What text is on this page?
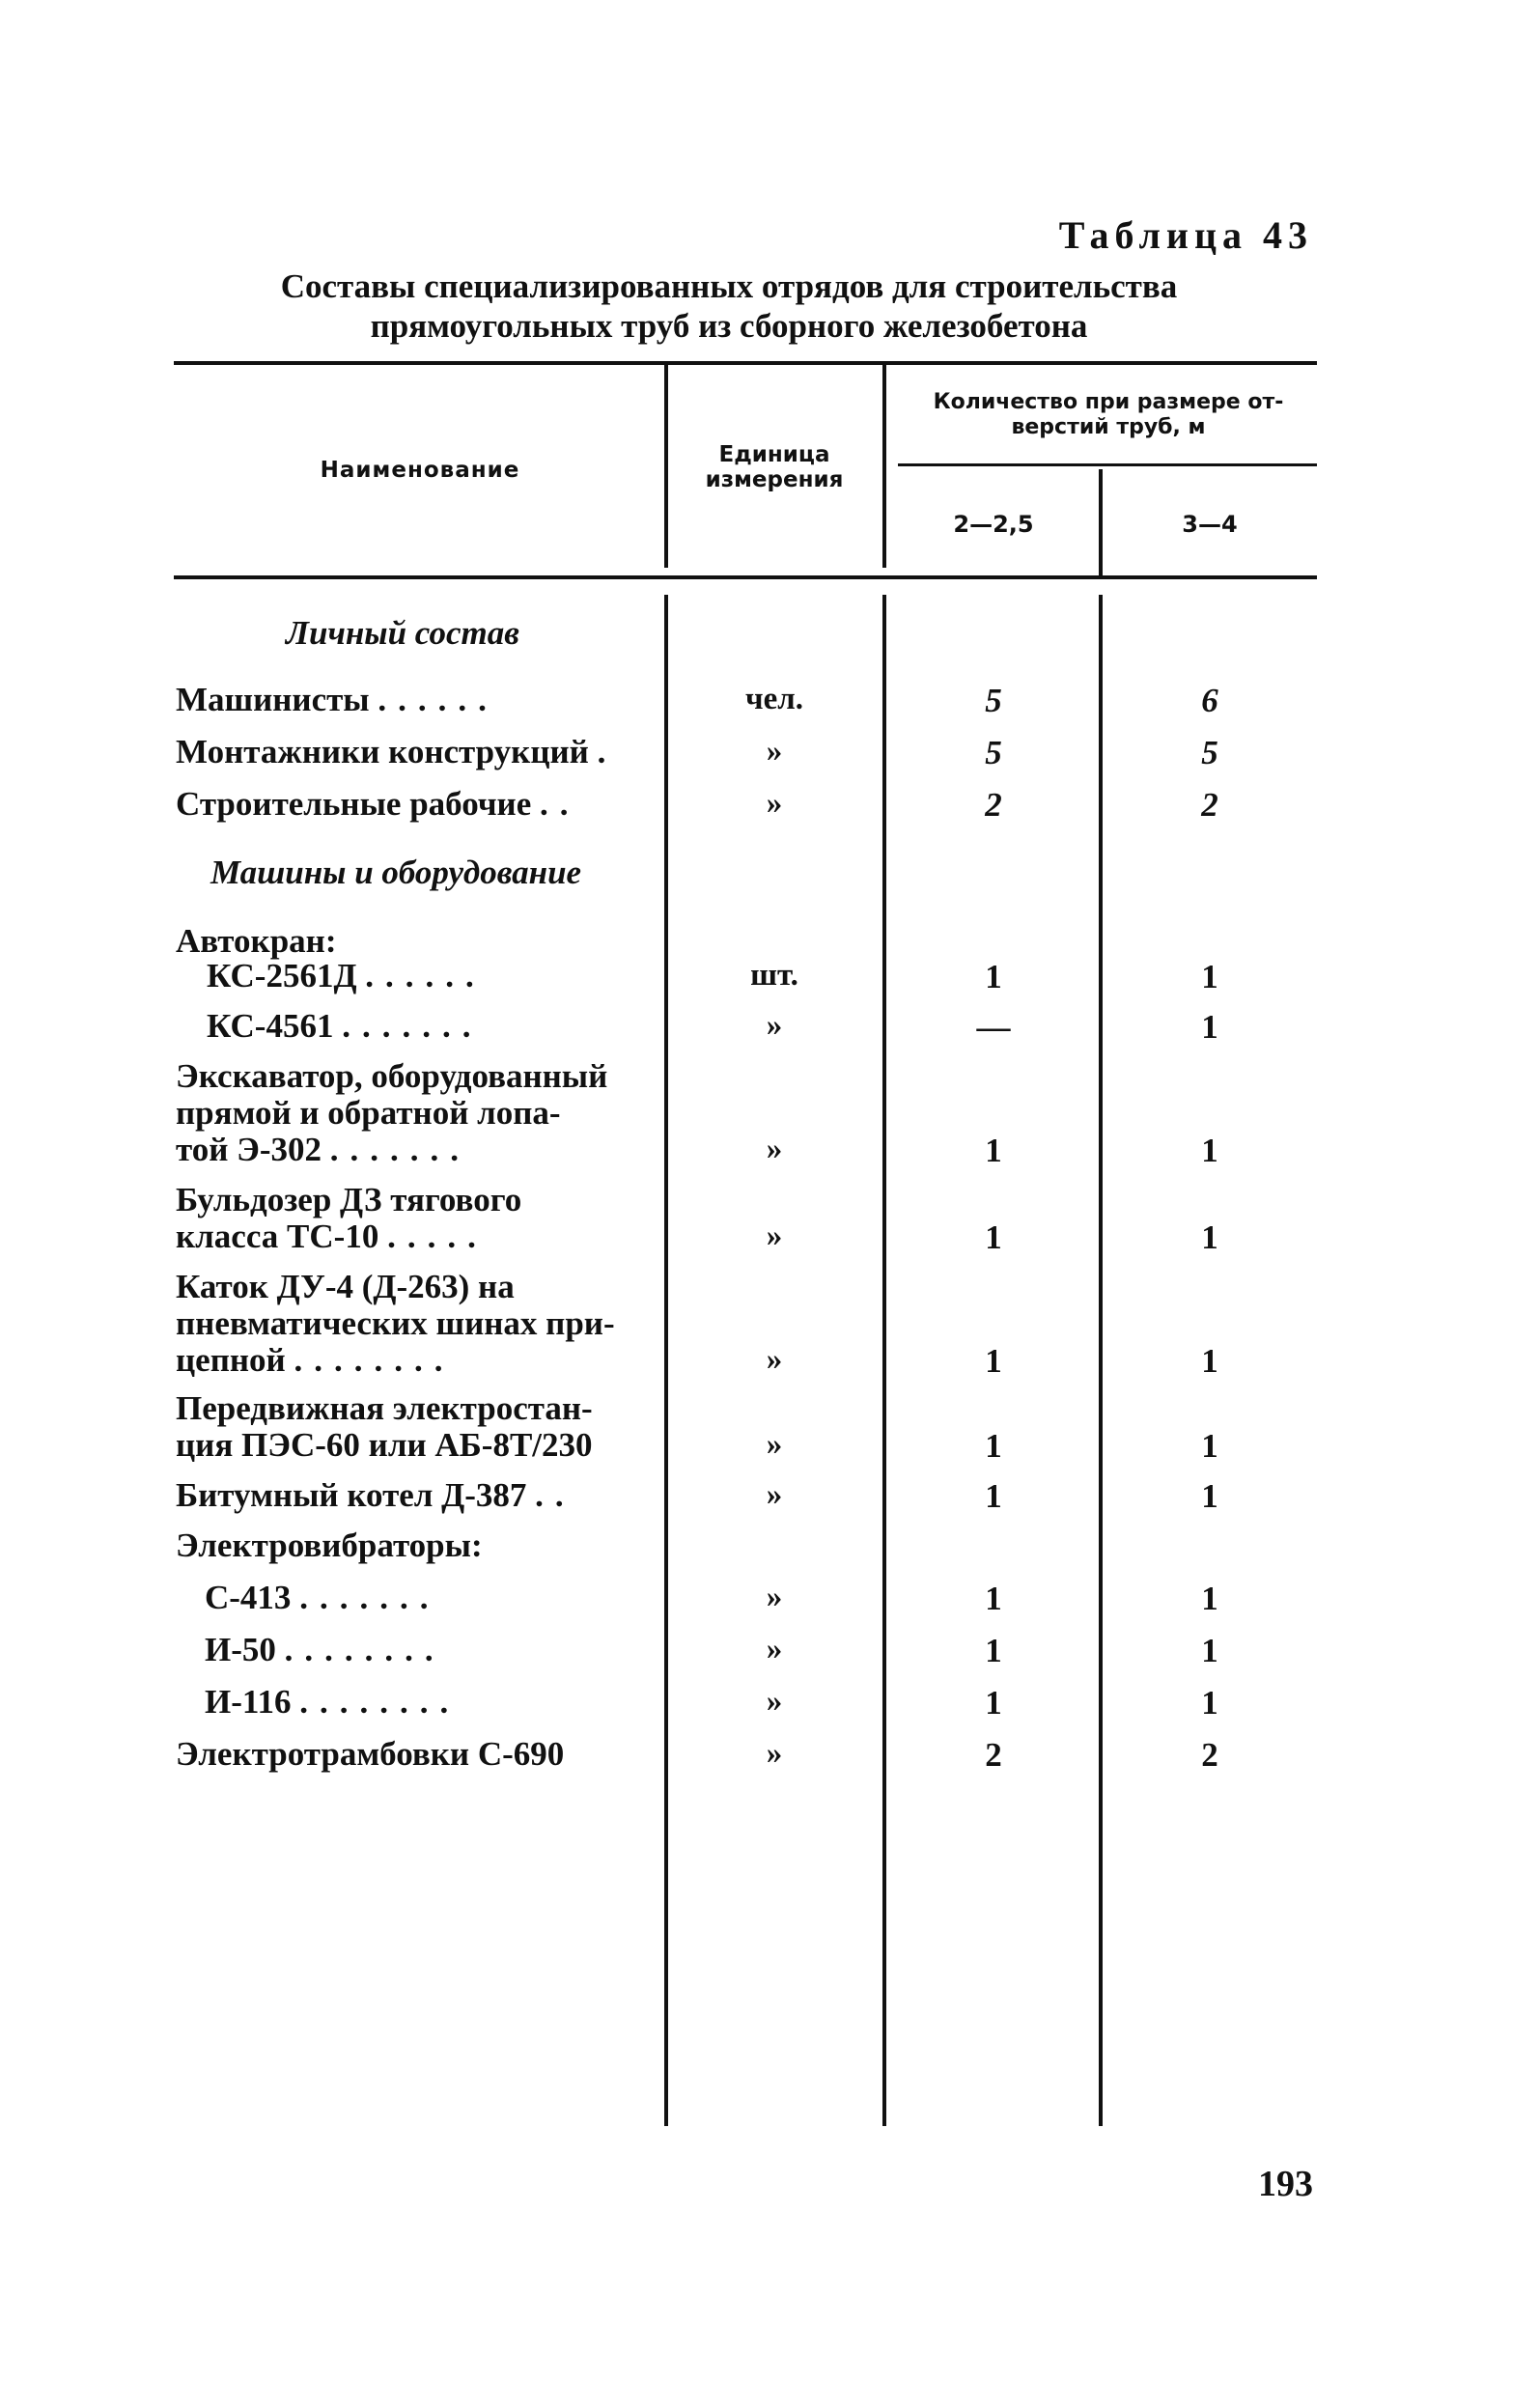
Таблица 43
Составы специализированных отрядов для строительства
прямоугольных труб из сборного железобетона
Наименование
Единица
измерения
Количество при размере от-
верстий труб, м
2—2,5	3—4
Личный состав
Машинисты ......	чел.	5	6
Монтажники конструкций .	»	5	5
Строительные рабочие ..	»	2	2
Машины и оборудование
Автокран:
КС-2561Д ......	шт.	1	1
КС-4561 .......	»	—	1
Экскаватор, оборудованный
прямой и обратной лопа-
той Э-302 .......	»	1	1
Бульдозер ДЗ тягового
класса ТС-10 .....	»	1	1
Каток ДУ-4 (Д-263) на
пневматических шинах при-
цепной ........	»	1	1
Передвижная электростан-
ция ПЭС-60 или АБ-8Т/230	»	1	1
Битумный котел Д-387 ..	»	1	1
Электровибраторы:
С-413 .......	»	1	1
И-50 ........	»	1	1
И-116 ........	»	1	1
Электротрамбовки С-690	»	2	2
193
